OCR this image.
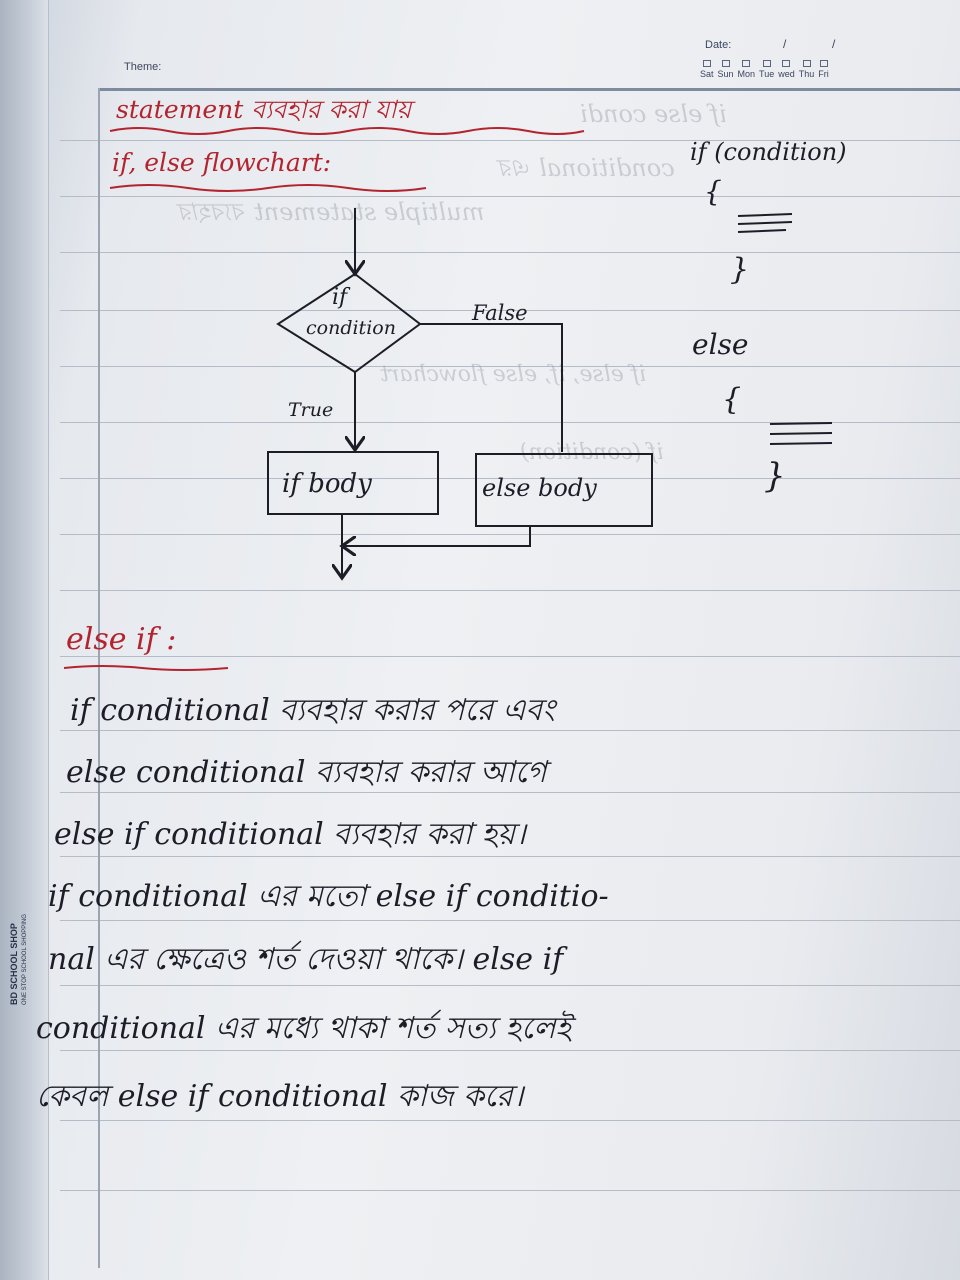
BD SCHOOL SHOP ONE STOP SCHOOL SHOPPING
Theme:
Date:	/	/
Sat Sun Mon Tue wed Thu Fri
if else condi
conditional এর
multiple statement ব্যবহার
if else, if, else flowchart
if (condition)
statement ব্যবহার করা যায়
if, else flowchart:	if (condition)
{
}
else
{
}
if
condition
False
True
if body	else body
else if :
if conditional ব্যবহার করার পরে এবং
else conditional ব্যবহার করার আগে
else if conditional ব্যবহার করা হয়।
if conditional এর মতো else if conditio-
nal এর ক্ষেত্রেও শর্ত দেওয়া থাকে। else if
conditional এর মধ্যে থাকা শর্ত সত্য হলেই
কেবল else if conditional কাজ করে।
